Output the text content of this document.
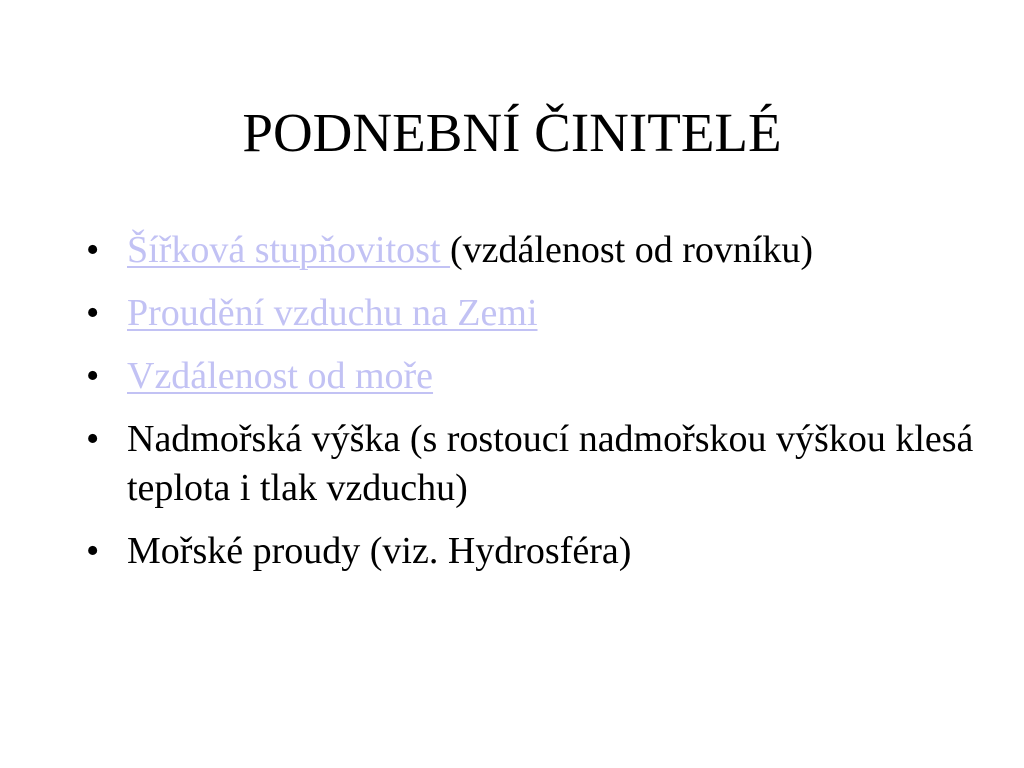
PODNEBNÍ ČINITELÉ
• Šířková stupňovitost (vzdálenost od rovníku)
• Proudění vzduchu na Zemi
• Vzdálenost od moře
• Nadmořská výška (s rostoucí nadmořskou výškou klesá teplota i tlak vzduchu)
• Mořské proudy (viz. Hydrosféra)
